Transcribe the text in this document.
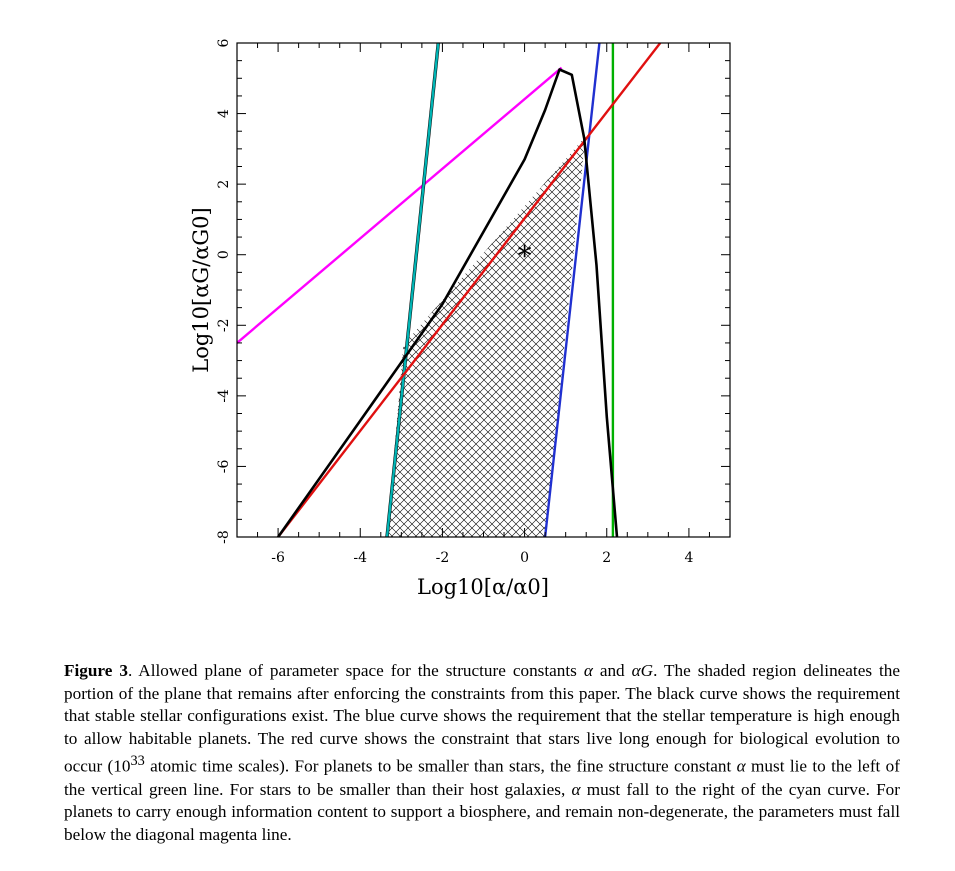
-6	-4	-2	0	2	4
-8
-6
-4
-2
0
2
4
6
*
Log10[α/α0]
Log10[αG/αG0]
Figure 3. Allowed plane of parameter space for the structure constants α and αG. The shaded region delineates the portion of the plane that remains after enforcing the constraints from this paper. The black curve shows the requirement that stable stellar configurations exist. The blue curve shows the requirement that the stellar temperature is high enough to allow habitable planets. The red curve shows the constraint that stars live long enough for biological evolution to occur ($10^{33}$ atomic time scales). For planets to be smaller than stars, the fine structure constant α must lie to the left of the vertical green line. For stars to be smaller than their host galaxies, α must fall to the right of the cyan curve. For planets to carry enough information content to support a biosphere, and remain non-degenerate, the parameters must fall below the diagonal magenta line.
